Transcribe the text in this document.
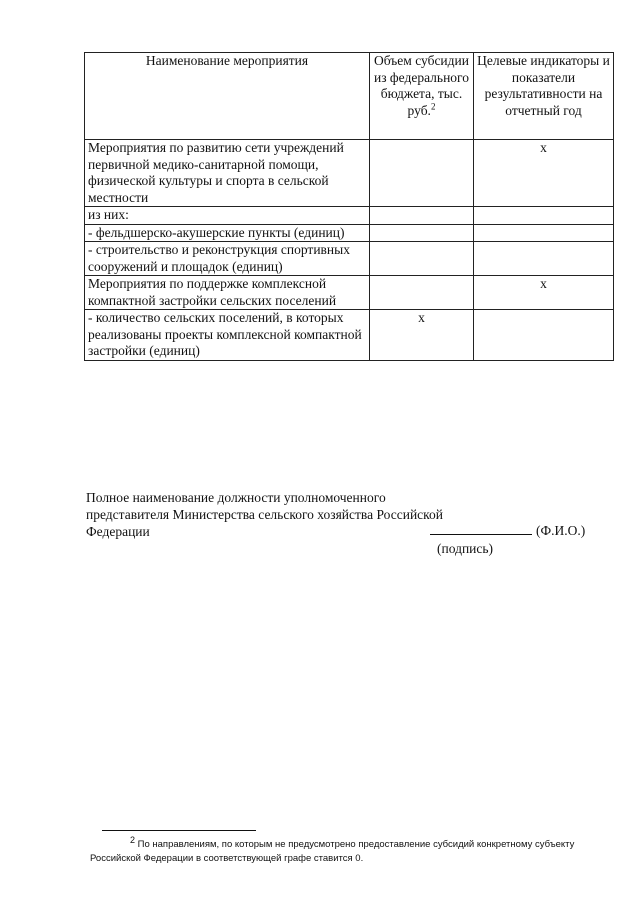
Наименование мероприятия	Объем субсидии из федерального бюджета, тыс. руб.$^2$	Целевые индикаторы и показатели результативности на отчетный год
Мероприятия по развитию сети учреждений первичной медико-санитарной помощи, физической культуры и спорта в сельской местности		x
из них:		
- фельдшерско-акушерские пункты (единиц)		
- строительство и реконструкция спортивных сооружений и площадок (единиц)		
Мероприятия по поддержке комплексной компактной застройки сельских поселений		x
- количество сельских поселений, в которых реализованы проекты комплексной компактной застройки (единиц)	x	
Полное наименование должности уполномоченного представителя Министерства сельского хозяйства Российской Федерации	(Ф.И.О.)
(подпись)
$^2$ По направлениям, по которым не предусмотрено предоставление субсидий конкретному субъекту Российской Федерации в соответствующей графе ставится 0.
